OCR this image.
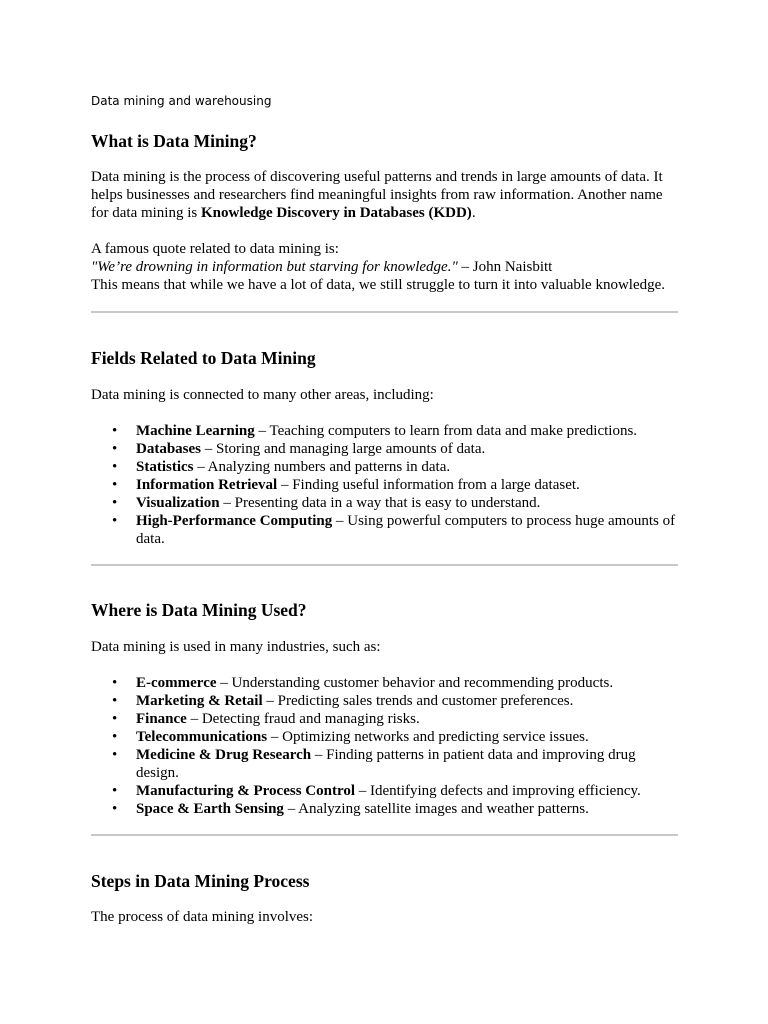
Data mining and warehousing
What is Data Mining?

Data mining is the process of discovering useful patterns and trends in large amounts of data. It helps businesses and researchers find meaningful insights from raw information. Another name for data mining is Knowledge Discovery in Databases (KDD).

A famous quote related to data mining is:
"We’re drowning in information but starving for knowledge." – John Naisbitt
This means that while we have a lot of data, we still struggle to turn it into valuable knowledge.
Fields Related to Data Mining

Data mining is connected to many other areas, including:

• Machine Learning – Teaching computers to learn from data and make predictions.
• Databases – Storing and managing large amounts of data.
• Statistics – Analyzing numbers and patterns in data.
• Information Retrieval – Finding useful information from a large dataset.
• Visualization – Presenting data in a way that is easy to understand.
• High-Performance Computing – Using powerful computers to process huge amounts of data.
Where is Data Mining Used?

Data mining is used in many industries, such as:

• E-commerce – Understanding customer behavior and recommending products.
• Marketing & Retail – Predicting sales trends and customer preferences.
• Finance – Detecting fraud and managing risks.
• Telecommunications – Optimizing networks and predicting service issues.
• Medicine & Drug Research – Finding patterns in patient data and improving drug design.
• Manufacturing & Process Control – Identifying defects and improving efficiency.
• Space & Earth Sensing – Analyzing satellite images and weather patterns.
Steps in Data Mining Process

The process of data mining involves:
